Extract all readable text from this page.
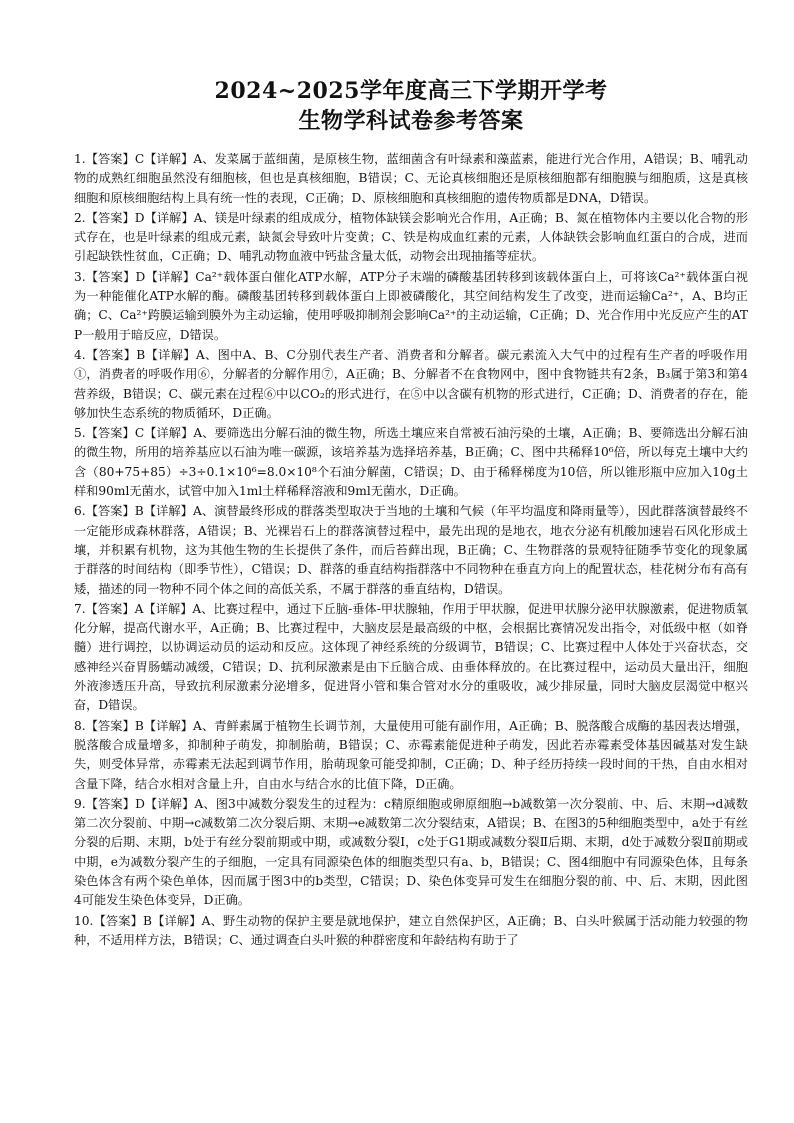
2024~2025学年度高三下学期开学考
生物学科试卷参考答案

1.【答案】C【详解】A、发菜属于蓝细菌，是原核生物，蓝细菌含有叶绿素和藻蓝素，能进行光合作用，A错误；B、哺乳动物的成熟红细胞虽然没有细胞核，但也是真核细胞，B错误；C、无论真核细胞还是原核细胞都有细胞膜与细胞质，这是真核细胞和原核细胞结构上具有统一性的表现，C正确；D、原核细胞和真核细胞的遗传物质都是DNA，D错误。

2.【答案】D【详解】A、镁是叶绿素的组成成分，植物体缺镁会影响光合作用，A正确；B、氮在植物体内主要以化合物的形式存在，也是叶绿素的组成元素，缺氮会导致叶片变黄；C、铁是构成血红素的元素，人体缺铁会影响血红蛋白的合成，进而引起缺铁性贫血，C正确；D、哺乳动物血液中钙盐含量太低，动物会出现抽搐等症状。

3.【答案】D【详解】Ca²⁺载体蛋白催化ATP水解，ATP分子末端的磷酸基团转移到该载体蛋白上，可将该Ca²⁺载体蛋白视为一种能催化ATP水解的酶。磷酸基团转移到载体蛋白上即被磷酸化，其空间结构发生了改变，进而运输Ca²⁺，A、B均正确；C、Ca²⁺跨膜运输到膜外为主动运输，使用呼吸抑制剂会影响Ca²⁺的主动运输，C正确；D、光合作用中光反应产生的ATP一般用于暗反应，D错误。

4.【答案】B【详解】A、图中A、B、C分别代表生产者、消费者和分解者。碳元素流入大气中的过程有生产者的呼吸作用①，消费者的呼吸作用⑥，分解者的分解作用⑦，A正确；B、分解者不在食物网中，图中食物链共有2条，B₃属于第3和第4营养级，B错误；C、碳元素在过程⑥中以CO₂的形式进行，在⑤中以含碳有机物的形式进行，C正确；D、消费者的存在，能够加快生态系统的物质循环，D正确。

5.【答案】C【详解】A、要筛选出分解石油的微生物，所选土壤应来自常被石油污染的土壤，A正确；B、要筛选出分解石油的微生物，所用的培养基应以石油为唯一碳源，该培养基为选择培养基，B正确；C、图中共稀释10⁶倍，所以每克土壤中大约含（80+75+85）÷3÷0.1×10⁶=8.0×10⁸个石油分解菌，C错误；D、由于稀释梯度为10倍，所以锥形瓶中应加入10g土样和90ml无菌水，试管中加入1ml土样稀释溶液和9ml无菌水，D正确。

6.【答案】B【详解】A、演替最终形成的群落类型取决于当地的土壤和气候（年平均温度和降雨量等），因此群落演替最终不一定能形成森林群落，A错误；B、光裸岩石上的群落演替过程中，最先出现的是地衣，地衣分泌有机酸加速岩石风化形成土壤，并积累有机物，这为其他生物的生长提供了条件，而后苔藓出现，B正确；C、生物群落的景观特征随季节变化的现象属于群落的时间结构（即季节性），C错误；D、群落的垂直结构指群落中不同物种在垂直方向上的配置状态，桂花树分布有高有矮，描述的同一物种不同个体之间的高低关系，不属于群落的垂直结构，D错误。

7.【答案】A【详解】A、比赛过程中，通过下丘脑-垂体-甲状腺轴，作用于甲状腺，促进甲状腺分泌甲状腺激素，促进物质氧化分解，提高代谢水平，A正确；B、比赛过程中，大脑皮层是最高级的中枢，会根据比赛情况发出指令，对低级中枢（如脊髓）进行调控，以协调运动员的运动和反应。这体现了神经系统的分级调节，B错误；C、比赛过程中人体处于兴奋状态，交感神经兴奋胃肠蠕动减缓，C错误；D、抗利尿激素是由下丘脑合成、由垂体释放的。在比赛过程中，运动员大量出汗，细胞外液渗透压升高，导致抗利尿激素分泌增多，促进肾小管和集合管对水分的重吸收，减少排尿量，同时大脑皮层渴觉中枢兴奋，D错误。

8.【答案】B【详解】A、青鲜素属于植物生长调节剂，大量使用可能有副作用，A正确；B、脱落酸合成酶的基因表达增强，脱落酸合成量增多，抑制种子萌发，抑制胎萌，B错误；C、赤霉素能促进种子萌发，因此若赤霉素受体基因碱基对发生缺失，则受体异常，赤霉素无法起到调节作用，胎萌现象可能受抑制，C正确；D、种子经历持续一段时间的干热，自由水相对含量下降，结合水相对含量上升，自由水与结合水的比值下降，D正确。

9.【答案】D【详解】A、图3中减数分裂发生的过程为：c精原细胞或卵原细胞→b减数第一次分裂前、中、后、末期→d减数第二次分裂前、中期→c减数第二次分裂后期、末期→e减数第二次分裂结束，A错误；B、在图3的5种细胞类型中，a处于有丝分裂的后期、末期，b处于有丝分裂前期或中期，或减数分裂Ⅰ，c处于G1期或减数分裂Ⅱ后期、末期，d处于减数分裂Ⅱ前期或中期，e为减数分裂产生的子细胞，一定具有同源染色体的细胞类型只有a、b，B错误；C、图4细胞中有同源染色体，且每条染色体含有两个染色单体，因而属于图3中的b类型，C错误；D、染色体变异可发生在细胞分裂的前、中、后、末期，因此图4可能发生染色体变异，D正确。

10.【答案】B【详解】A、野生动物的保护主要是就地保护，建立自然保护区，A正确；B、白头叶猴属于活动能力较强的物种，不适用样方法，B错误；C、通过调查白头叶猴的种群密度和年龄结构有助于了
